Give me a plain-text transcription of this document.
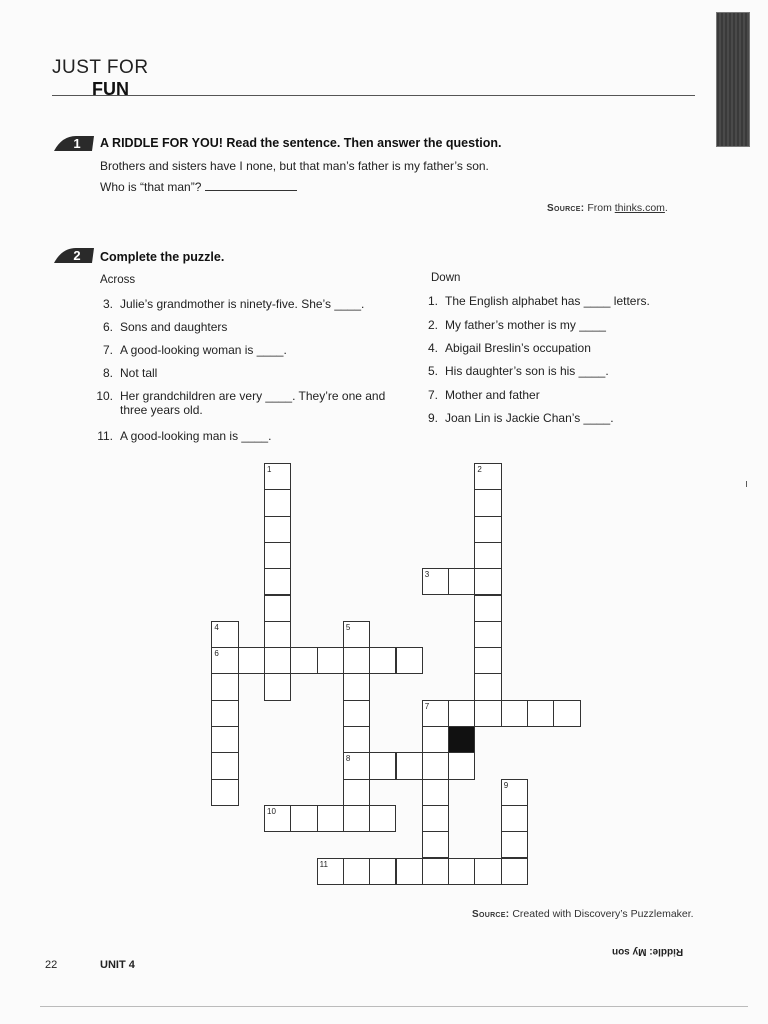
JUST FOR
FUN
1	A RIDDLE FOR YOU! Read the sentence. Then answer the question.
Brothers and sisters have I none, but that man’s father is my father’s son.
Who is “that man”?
Source: From thinks.com.
2	Complete the puzzle.
Across	Down
3. Julie’s grandmother is ninety-five. She’s ____.
6. Sons and daughters
7. A good-looking woman is ____.
8. Not tall
10. Her grandchildren are very ____. They’re one and three years old.
11. A good-looking man is ____.
1. The English alphabet has ____ letters.
2. My father’s mother is my ____
4. Abigail Breslin’s occupation
5. His daughter’s son is his ____.
7. Mother and father
9. Joan Lin is Jackie Chan’s ____.
1	2
3
4
6
5
8
7
9
10
11
Source: Created with Discovery’s Puzzlemaker.
Riddle: My son
ı
22	UNIT 4
